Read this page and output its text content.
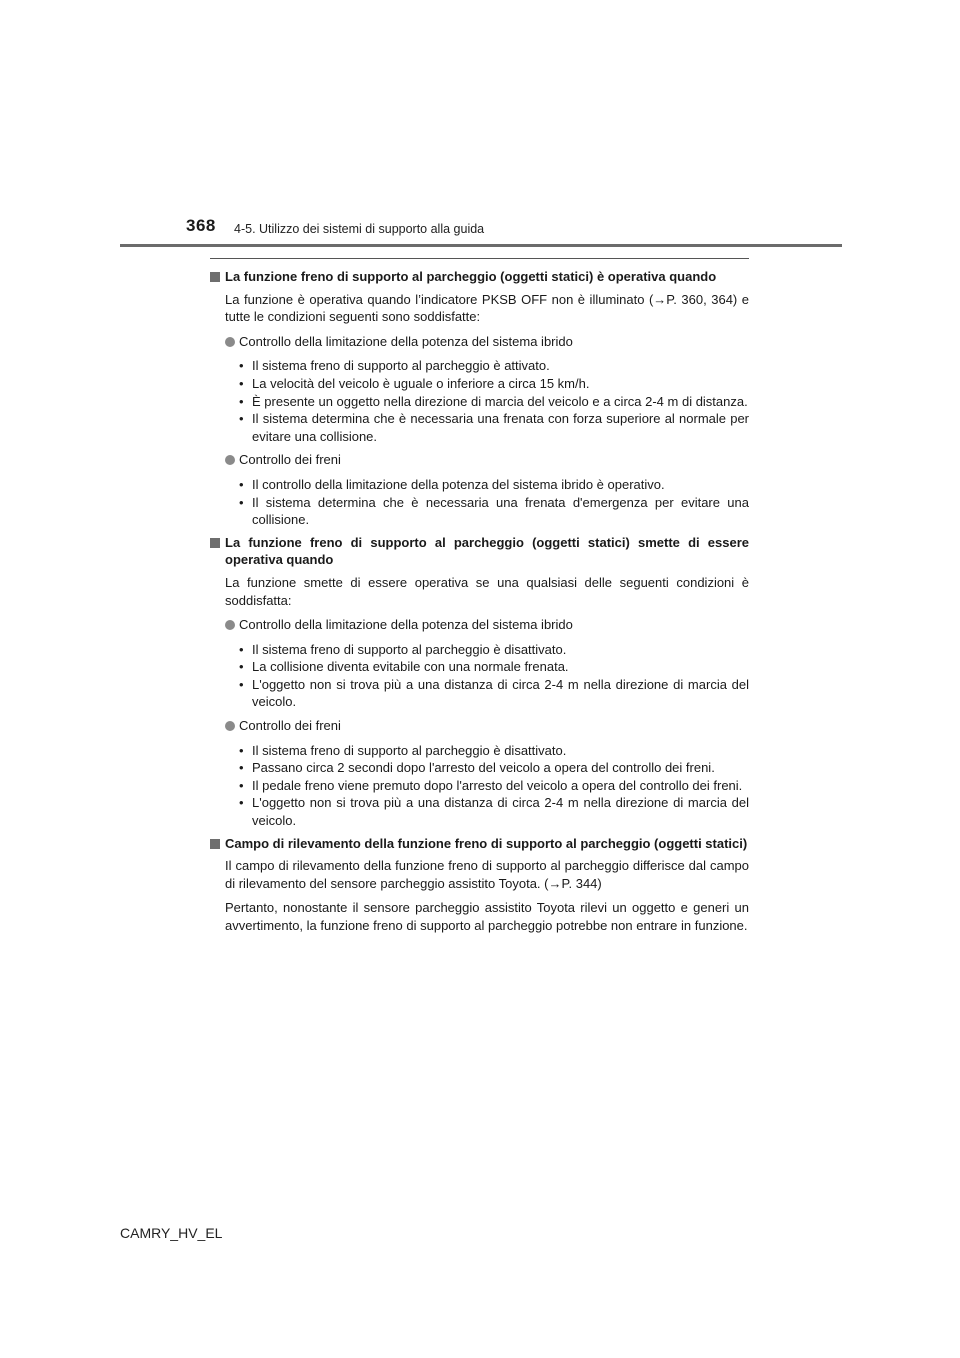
368 4-5. Utilizzo dei sistemi di supporto alla guida
La funzione freno di supporto al parcheggio (oggetti statici) è operativa quando
La funzione è operativa quando l’indicatore PKSB OFF non è illuminato (→P. 360, 364) e tutte le condizioni seguenti sono soddisfatte:
Controllo della limitazione della potenza del sistema ibrido
• Il sistema freno di supporto al parcheggio è attivato.
• La velocità del veicolo è uguale o inferiore a circa 15 km/h.
• È presente un oggetto nella direzione di marcia del veicolo e a circa 2-4 m di distanza.
• Il sistema determina che è necessaria una frenata con forza superiore al normale per evitare una collisione.
Controllo dei freni
• Il controllo della limitazione della potenza del sistema ibrido è operativo.
• Il sistema determina che è necessaria una frenata d'emergenza per evitare una collisione.
La funzione freno di supporto al parcheggio (oggetti statici) smette di essere operativa quando
La funzione smette di essere operativa se una qualsiasi delle seguenti condizioni è soddisfatta:
Controllo della limitazione della potenza del sistema ibrido
• Il sistema freno di supporto al parcheggio è disattivato.
• La collisione diventa evitabile con una normale frenata.
• L'oggetto non si trova più a una distanza di circa 2-4 m nella direzione di marcia del veicolo.
Controllo dei freni
• Il sistema freno di supporto al parcheggio è disattivato.
• Passano circa 2 secondi dopo l'arresto del veicolo a opera del controllo dei freni.
• Il pedale freno viene premuto dopo l'arresto del veicolo a opera del controllo dei freni.
• L'oggetto non si trova più a una distanza di circa 2-4 m nella direzione di marcia del veicolo.
Campo di rilevamento della funzione freno di supporto al parcheggio (oggetti statici)
Il campo di rilevamento della funzione freno di supporto al parcheggio differisce dal campo di rilevamento del sensore parcheggio assistito Toyota. (→P. 344)
Pertanto, nonostante il sensore parcheggio assistito Toyota rilevi un oggetto e generi un avvertimento, la funzione freno di supporto al parcheggio potrebbe non entrare in funzione.
CAMRY_HV_EL
